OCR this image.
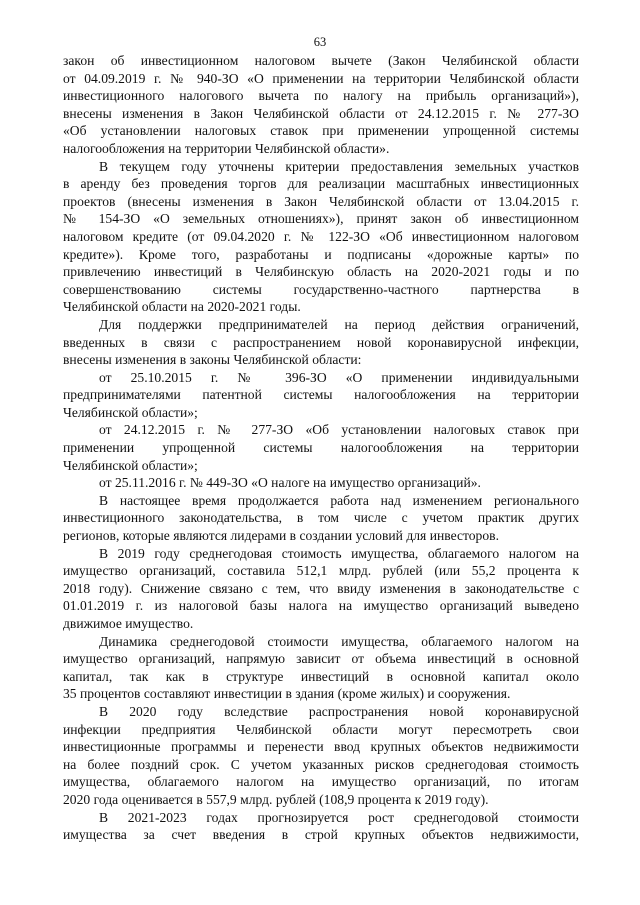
63
закон об инвестиционном налоговом вычете (Закон Челябинской области
от 04.09.2019 г. № 940-ЗО «О применении на территории Челябинской области
инвестиционного налогового вычета по налогу на прибыль организаций»),
внесены изменения в Закон Челябинской области от 24.12.2015 г. № 277-ЗО
«Об установлении налоговых ставок при применении упрощенной системы
налогообложения на территории Челябинской области».
В текущем году уточнены критерии предоставления земельных участков
в аренду без проведения торгов для реализации масштабных инвестиционных
проектов (внесены изменения в Закон Челябинской области от 13.04.2015 г.
№ 154-ЗО «О земельных отношениях»), принят закон об инвестиционном
налоговом кредите (от 09.04.2020 г. № 122-ЗО «Об инвестиционном налоговом
кредите»). Кроме того, разработаны и подписаны «дорожные карты» по
привлечению инвестиций в Челябинскую область на 2020-2021 годы и по
совершенствованию системы государственно-частного партнерства в
Челябинской области на 2020-2021 годы.
Для поддержки предпринимателей на период действия ограничений,
введенных в связи с распространением новой коронавирусной инфекции,
внесены изменения в законы Челябинской области:
от 25.10.2015 г. № 396-ЗО «О применении индивидуальными
предпринимателями патентной системы налогообложения на территории
Челябинской области»;
от 24.12.2015 г. № 277-ЗО «Об установлении налоговых ставок при
применении упрощенной системы налогообложения на территории
Челябинской области»;
от 25.11.2016 г. № 449-ЗО «О налоге на имущество организаций».
В настоящее время продолжается работа над изменением регионального
инвестиционного законодательства, в том числе с учетом практик других
регионов, которые являются лидерами в создании условий для инвесторов.
В 2019 году среднегодовая стоимость имущества, облагаемого налогом на
имущество организаций, составила 512,1 млрд. рублей (или 55,2 процента к
2018 году). Снижение связано с тем, что ввиду изменения в законодательстве с
01.01.2019 г. из налоговой базы налога на имущество организаций выведено
движимое имущество.
Динамика среднегодовой стоимости имущества, облагаемого налогом на
имущество организаций, напрямую зависит от объема инвестиций в основной
капитал, так как в структуре инвестиций в основной капитал около
35 процентов составляют инвестиции в здания (кроме жилых) и сооружения.
В 2020 году вследствие распространения новой коронавирусной
инфекции предприятия Челябинской области могут пересмотреть свои
инвестиционные программы и перенести ввод крупных объектов недвижимости
на более поздний срок. С учетом указанных рисков среднегодовая стоимость
имущества, облагаемого налогом на имущество организаций, по итогам
2020 года оценивается в 557,9 млрд. рублей (108,9 процента к 2019 году).
В 2021-2023 годах прогнозируется рост среднегодовой стоимости
имущества за счет введения в строй крупных объектов недвижимости,
